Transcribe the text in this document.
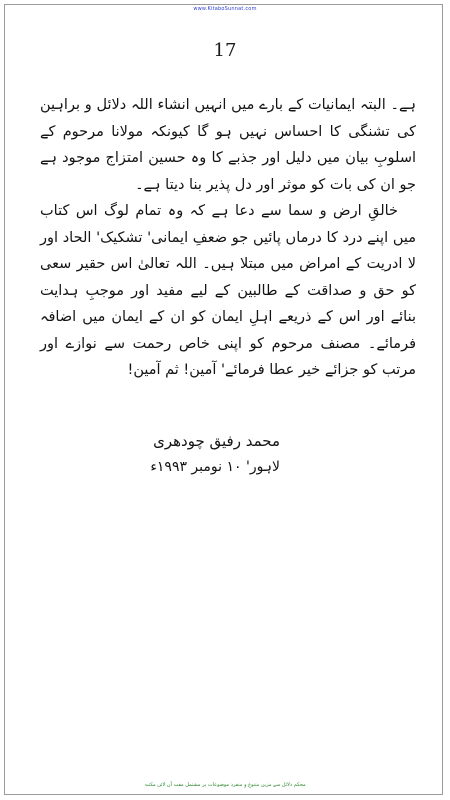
www.KitaboSunnat.com
17

ہے۔ البتہ ایمانیات کے بارے میں انہیں انشاء اللہ دلائل و براہین کی تشنگی کا احساس نہیں ہو گا کیونکہ مولانا مرحوم کے اسلوبِ بیان میں دلیل اور جذبے کا وہ حسین امتزاج موجود ہے جو ان کی بات کو موثر اور دل پذیر بنا دیتا ہے۔

خالقِ ارض و سما سے دعا ہے کہ وہ تمام لوگ اس کتاب میں اپنے درد کا درماں پائیں جو ضعفِ ایمانی' تشکیک' الحاد اور لا ادریت کے امراض میں مبتلا ہیں۔ اللہ تعالیٰ اس حقیر سعی کو حق و صداقت کے طالبین کے لیے مفید اور موجبِ ہدایت بنائے اور اس کے ذریعے اہلِ ایمان کو ان کے ایمان میں اضافہ فرمائے۔ مصنف مرحوم کو اپنی خاص رحمت سے نوازے اور مرتب کو جزائے خیر عطا فرمائے' آمین! ثم آمین!

محمد رفیق چودھری
لاہور' ۱۰ نومبر ۱۹۹۳ء
محکم دلائل سے مزین متنوع و منفرد موضوعات پر مشتمل مفت آن لائن مکتبہ
